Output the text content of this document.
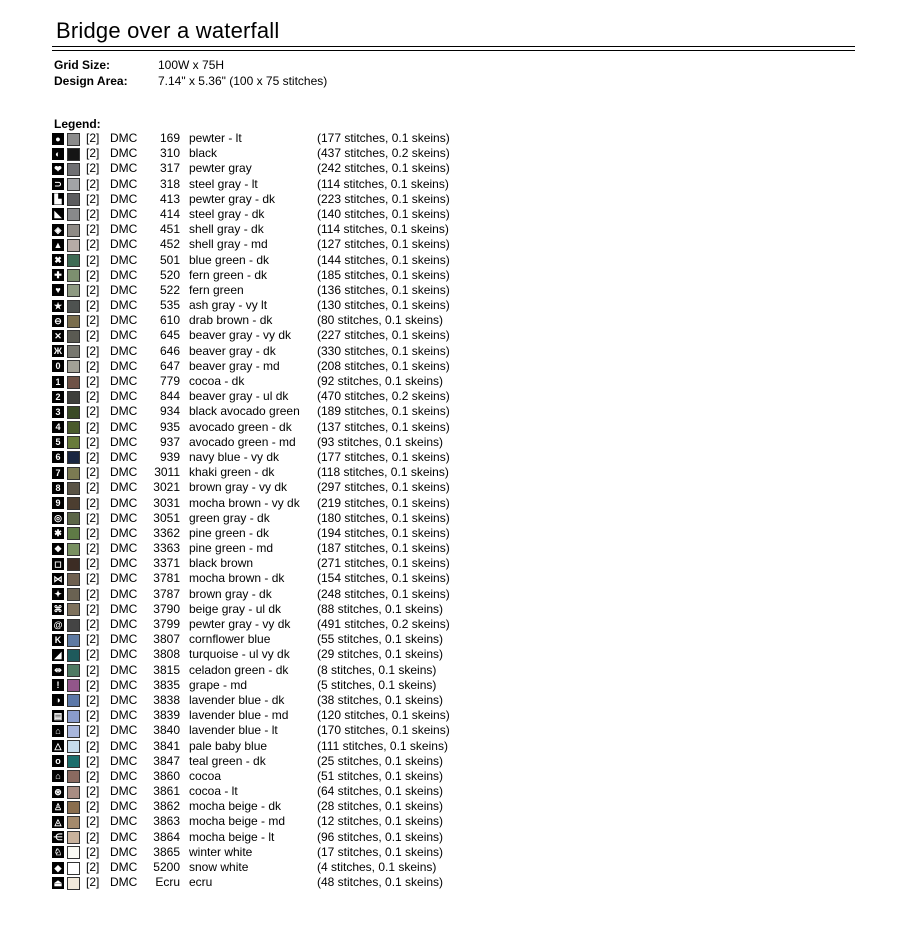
Bridge over a waterfall
Grid Size:	100W x 75H
Design Area:	7.14" x 5.36" (100 x 75 stitches)
Legend:
● [2] DMC	169 pewter - lt	(177 stitches, 0.1 skeins)
◐ [2] DMC	310 black	(437 stitches, 0.2 skeins)
❤ [2] DMC	317 pewter gray	(242 stitches, 0.1 skeins)
⊃ [2] DMC	318 steel gray - lt	(114 stitches, 0.1 skeins)
▙ [2] DMC	413 pewter gray - dk	(223 stitches, 0.1 skeins)
◣ [2] DMC	414 steel gray - dk	(140 stitches, 0.1 skeins)
◈ [2] DMC	451 shell gray - dk	(114 stitches, 0.1 skeins)
▲ [2] DMC	452 shell gray - md	(127 stitches, 0.1 skeins)
✖ [2] DMC	501 blue green - dk	(144 stitches, 0.1 skeins)
✚ [2] DMC	520 fern green - dk	(185 stitches, 0.1 skeins)
♥ [2] DMC	522 fern green	(136 stitches, 0.1 skeins)
★ [2] DMC	535 ash gray - vy lt	(130 stitches, 0.1 skeins)
⊖ [2] DMC	610 drab brown - dk	(80 stitches, 0.1 skeins)
✕ [2] DMC	645 beaver gray - vy dk (227 stitches, 0.1 skeins)
Ж [2] DMC	646 beaver gray - dk	(330 stitches, 0.1 skeins)
0 [2] DMC	647 beaver gray - md	(208 stitches, 0.1 skeins)
1 [2] DMC	779 cocoa - dk	(92 stitches, 0.1 skeins)
2 [2] DMC	844 beaver gray - ul dk (470 stitches, 0.2 skeins)
3 [2] DMC	934 black avocado green (189 stitches, 0.1 skeins)
4 [2] DMC	935 avocado green - dk (137 stitches, 0.1 skeins)
5 [2] DMC	937 avocado green - md (93 stitches, 0.1 skeins)
6 [2] DMC	939 navy blue - vy dk	(177 stitches, 0.1 skeins)
7 [2] DMC	3011 khaki green - dk	(118 stitches, 0.1 skeins)
8 [2] DMC	3021 brown gray - vy dk (297 stitches, 0.1 skeins)
9 [2] DMC	3031 mocha brown - vy dk (219 stitches, 0.1 skeins)
◎ [2] DMC	3051 green gray - dk	(180 stitches, 0.1 skeins)
✱ [2] DMC	3362 pine green - dk	(194 stitches, 0.1 skeins)
❖ [2] DMC	3363 pine green - md	(187 stitches, 0.1 skeins)
◻ [2] DMC	3371 black brown	(271 stitches, 0.1 skeins)
⋈ [2] DMC	3781 mocha brown - dk	(154 stitches, 0.1 skeins)
✦ [2] DMC	3787 brown gray - dk	(248 stitches, 0.1 skeins)
⌘ [2] DMC	3790 beige gray - ul dk	(88 stitches, 0.1 skeins)
@ [2] DMC	3799 pewter gray - vy dk (491 stitches, 0.2 skeins)
K [2] DMC	3807 cornflower blue	(55 stitches, 0.1 skeins)
◢ [2] DMC	3808 turquoise - ul vy dk (29 stitches, 0.1 skeins)
⇹ [2] DMC	3815 celadon green - dk (8 stitches, 0.1 skeins)
!	[2] DMC	3835 grape - md	(5 stitches, 0.1 skeins)
◑ [2] DMC	3838 lavender blue - dk	(38 stitches, 0.1 skeins)
▤ [2] DMC	3839 lavender blue - md (120 stitches, 0.1 skeins)
⌂ [2] DMC	3840 lavender blue - lt	(170 stitches, 0.1 skeins)
△ [2] DMC	3841 pale baby blue	(111 stitches, 0.1 skeins)
o [2] DMC	3847 teal green - dk	(25 stitches, 0.1 skeins)
⌂ [2] DMC	3860 cocoa	(51 stitches, 0.1 skeins)
⊛ [2] DMC	3861 cocoa - lt	(64 stitches, 0.1 skeins)
♙ [2] DMC	3862 mocha beige - dk	(28 stitches, 0.1 skeins)
◬ [2] DMC	3863 mocha beige - md	(12 stitches, 0.1 skeins)
⋲ [2] DMC	3864 mocha beige - lt	(96 stitches, 0.1 skeins)
♘ [2] DMC	3865 winter white	(17 stitches, 0.1 skeins)
◆ [2] DMC	5200 snow white	(4 stitches, 0.1 skeins)
⏏ [2] DMC	Ecru ecru	(48 stitches, 0.1 skeins)
